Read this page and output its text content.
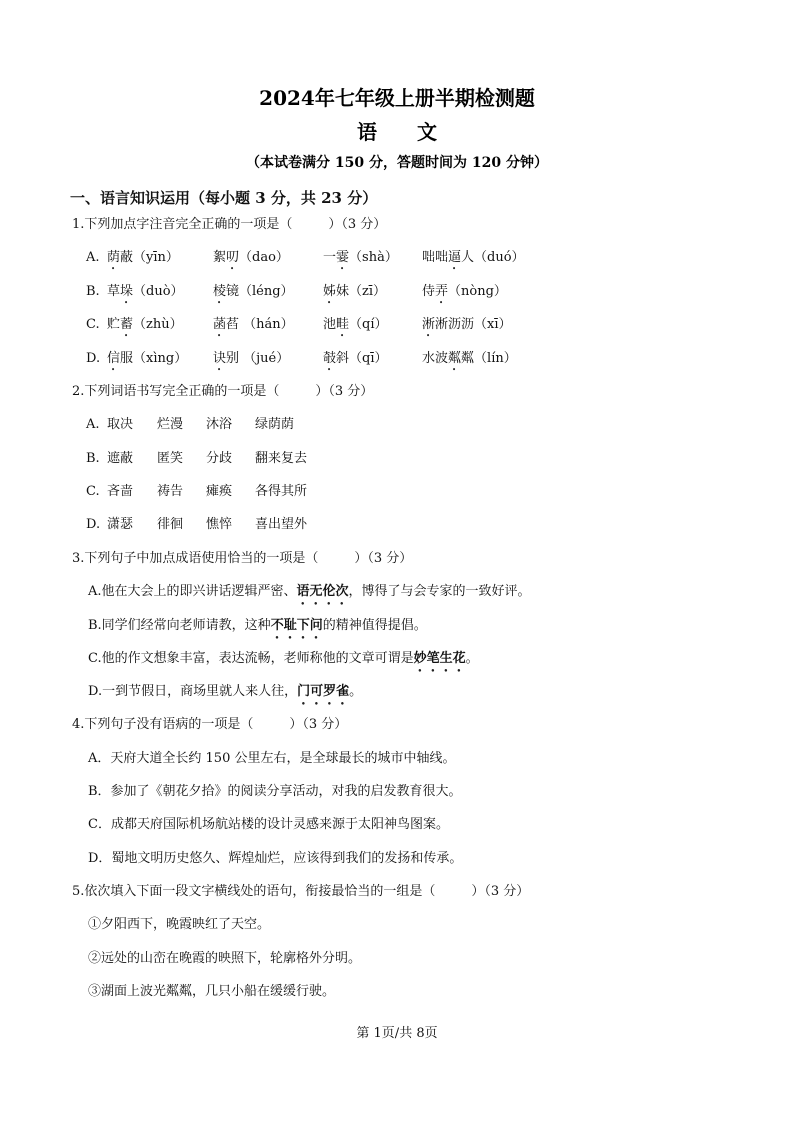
2024年七年级上册半期检测题
语文
（本试卷满分 150 分，答题时间为 120 分钟）
一、语言知识运用（每小题 3 分，共 23 分）
1.下列加点字注音完全正确的一项是（	）（3 分）
A. 荫蔽（yīn）	絮叨（dao）	一霎（shà） 咄咄逼人（duó）
B. 草垛（duò） 棱镜（léng） 姊妹（zī）	侍弄（nòng）
C. 贮蓄（zhù） 菡萏 （hán） 池畦（qí）	淅淅沥沥（xī）
D. 信服（xìng） 诀别 （jué）	攲斜（qī）	水波粼粼（lín）
2.下列词语书写完全正确的一项是（	）（3 分）
A. 取决 烂漫 沐浴 绿荫荫
B. 遮蔽 匿笑 分歧 翻来复去
C. 吝啬 祷告 瘫痪 各得其所
D. 潇瑟 徘徊 憔悴 喜出望外
3.下列句子中加点成语使用恰当的一项是（	）（3 分）
A.他在大会上的即兴讲话逻辑严密、语无伦次，博得了与会专家的一致好评。
B.同学们经常向老师请教，这种不耻下问的精神值得提倡。
C.他的作文想象丰富，表达流畅，老师称他的文章可谓是妙笔生花。
D.一到节假日，商场里就人来人往，门可罗雀。
4.下列句子没有语病的一项是（	）（3 分）
A．天府大道全长约 150 公里左右，是全球最长的城市中轴线。
B．参加了《朝花夕拾》的阅读分享活动，对我的启发教育很大。
C．成都天府国际机场航站楼的设计灵感来源于太阳神鸟图案。
D．蜀地文明历史悠久、辉煌灿烂，应该得到我们的发扬和传承。
5.依次填入下面一段文字横线处的语句，衔接最恰当的一组是（	）（3 分）
①夕阳西下，晚霞映红了天空。
②远处的山峦在晚霞的映照下，轮廓格外分明。
③湖面上波光粼粼，几只小船在缓缓行驶。
第 1页/共 8页
